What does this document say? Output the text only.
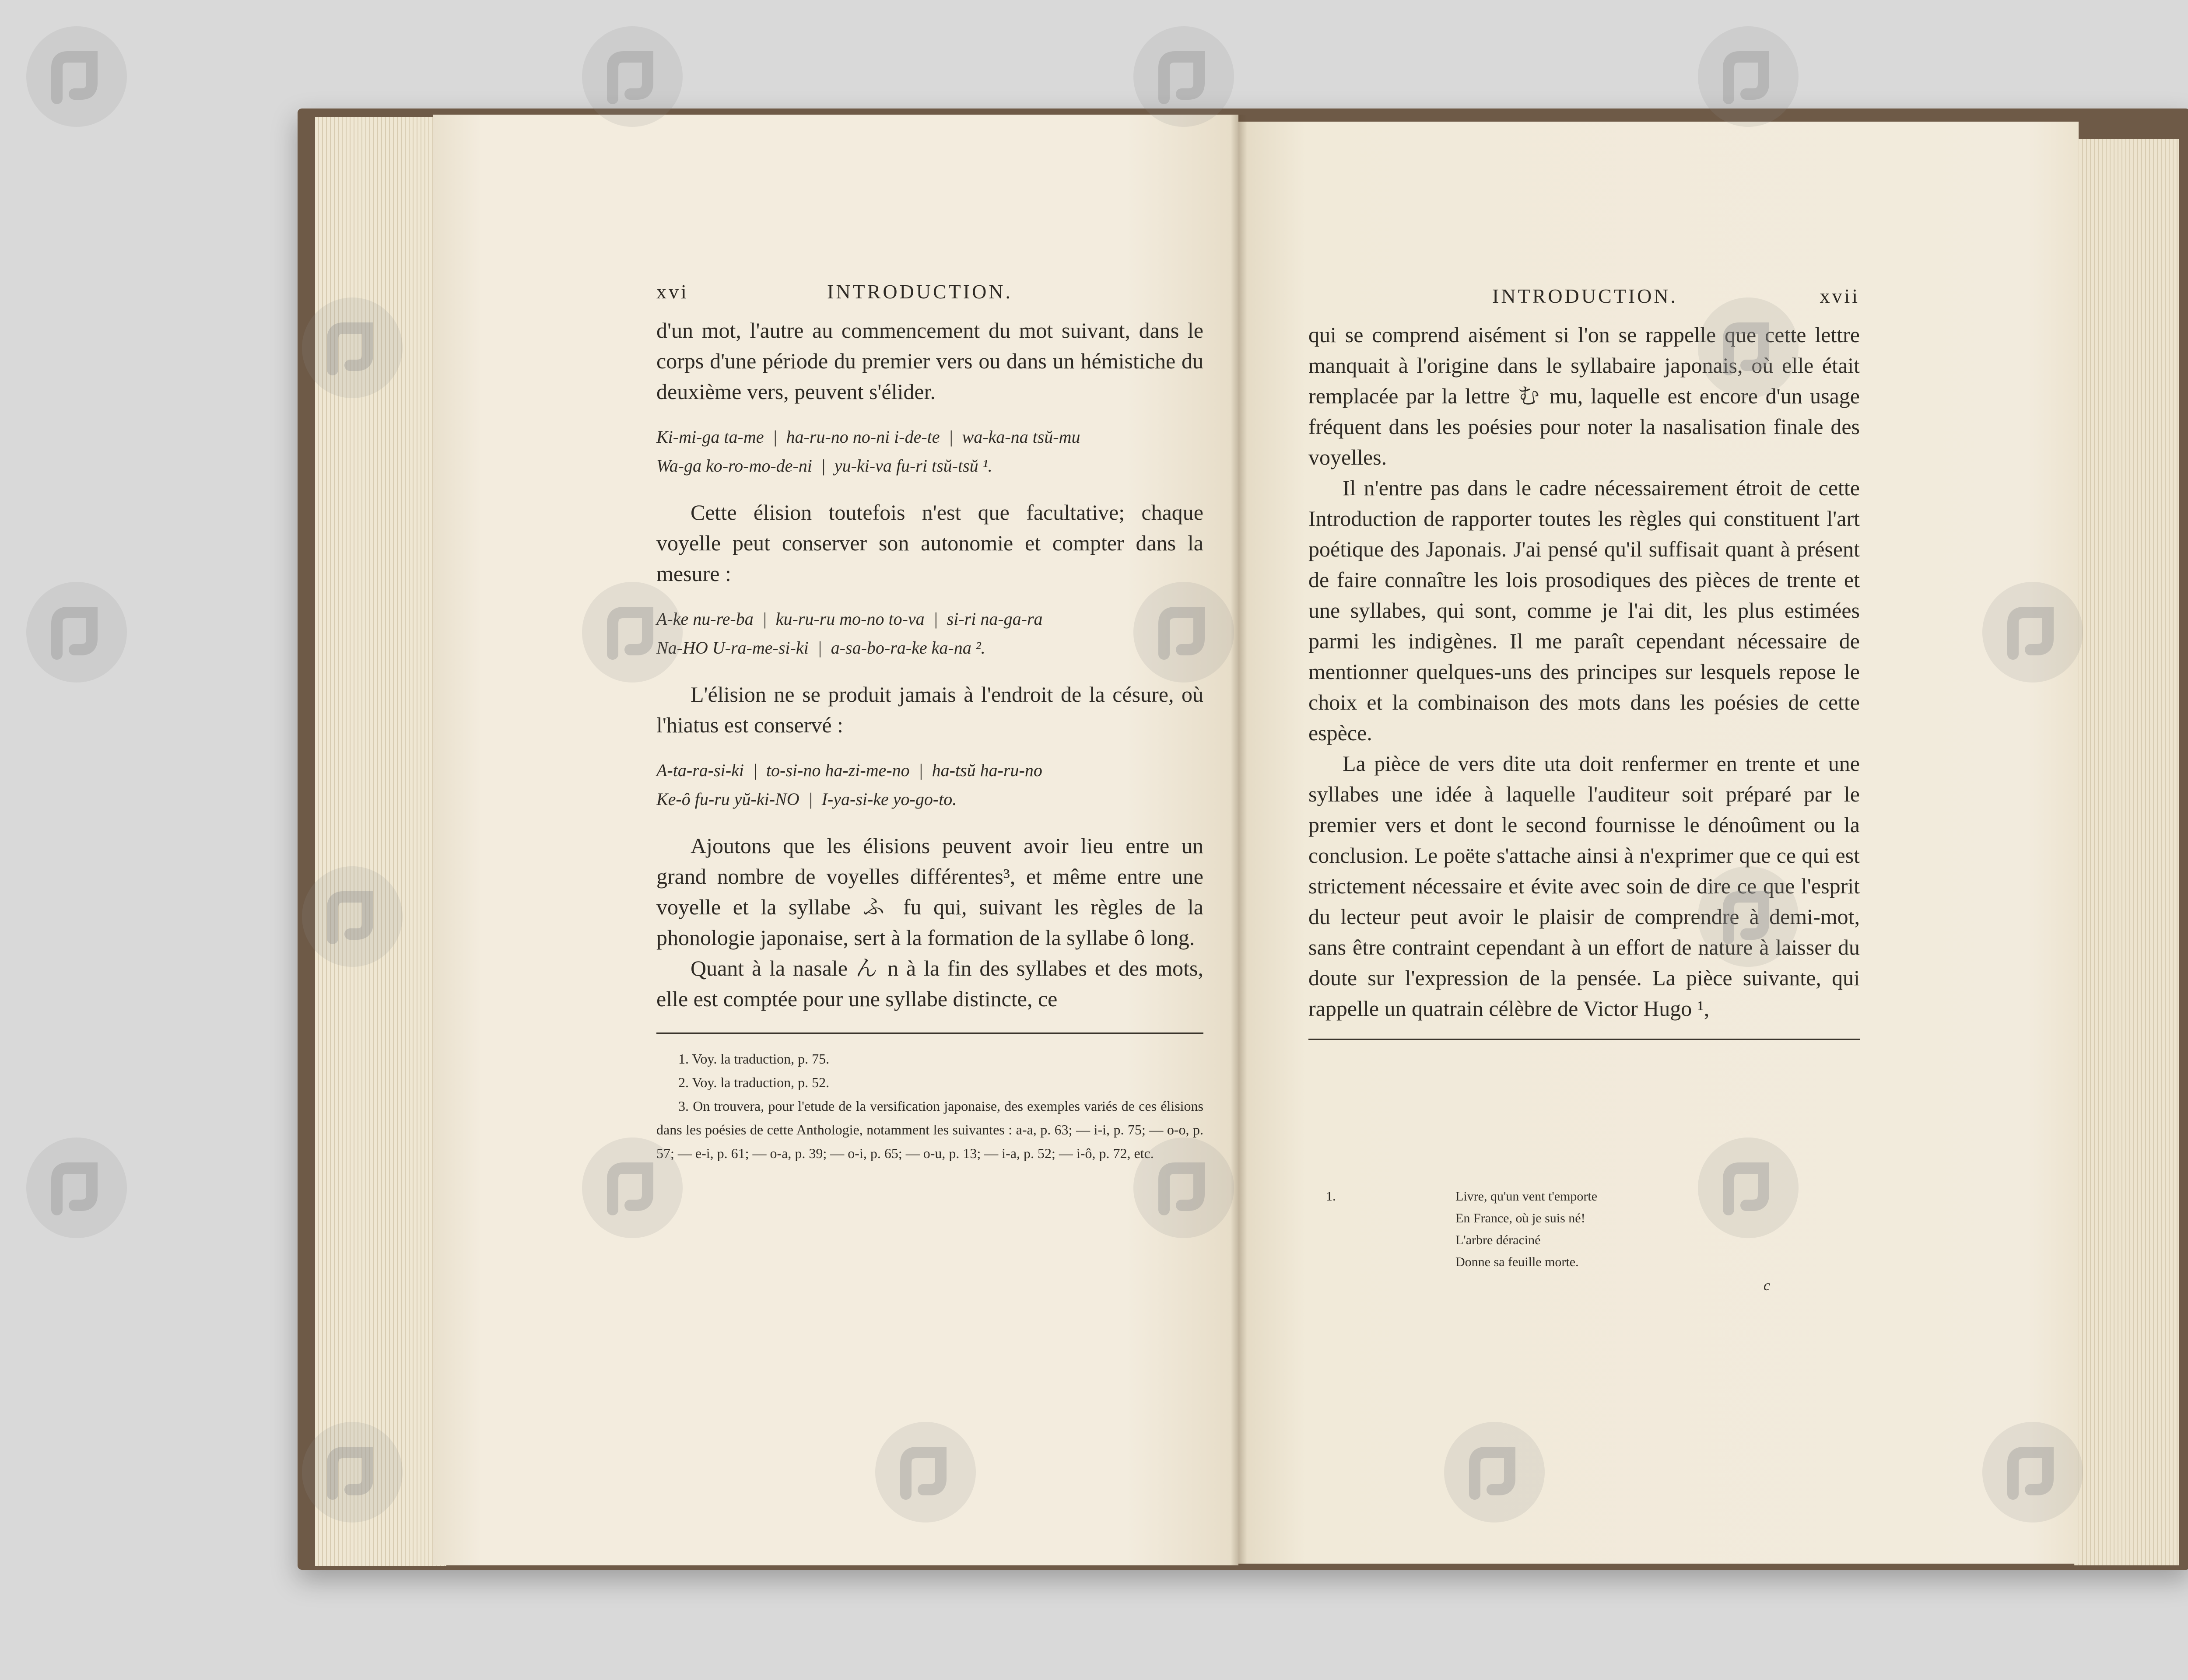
xvi	INTRODUCTION.

d'un mot, l'autre au commencement du mot suivant, dans le corps d'une période du premier vers ou dans un hémistiche du deuxième vers, peuvent s'élider.

Ki-mi-ga ta-me  |  ha-ru-no no-ni i-de-te  |  wa-ka-na tsŭ-mu
Wa-ga ko-ro-mo-de-ni  |  yu-ki-va fu-ri tsŭ-tsŭ ¹.

Cette élision toutefois n'est que facultative; chaque voyelle peut conserver son autonomie et compter dans la mesure :

A-ke nu-re-ba  |  ku-ru-ru mo-no to-va  |  si-ri na-ga-ra
Na-HO U-ra-me-si-ki  |  a-sa-bo-ra-ke ka-na ².

L'élision ne se produit jamais à l'endroit de la césure, où l'hiatus est conservé :

A-ta-ra-si-ki  |  to-si-no ha-zi-me-no  |  ha-tsŭ ha-ru-no
Ke-ô fu-ru yŭ-ki-NO  |  I-ya-si-ke yo-go-to.

Ajoutons que les élisions peuvent avoir lieu entre un grand nombre de voyelles différentes³, et même entre une voyelle et la syllabe ふ fu qui, suivant les règles de la phonologie japonaise, sert à la formation de la syllabe ô long.

Quant à la nasale ん n à la fin des syllabes et des mots, elle est comptée pour une syllabe distincte, ce

1. Voy. la traduction, p. 75.

2. Voy. la traduction, p. 52.

3. On trouvera, pour l'etude de la versification japonaise, des exemples variés de ces élisions dans les poésies de cette Anthologie, notamment les suivantes : a-a, p. 63; — i-i, p. 75; — o-o, p. 57; — e-i, p. 61; — o-a, p. 39; — o-i, p. 65; — o-u, p. 13; — i-a, p. 52; — i-ô, p. 72, etc.

INTRODUCTION.	xvii

qui se comprend aisément si l'on se rappelle que cette lettre manquait à l'origine dans le syllabaire japonais, où elle était remplacée par la lettre む mu, laquelle est encore d'un usage fréquent dans les poésies pour noter la nasalisation finale des voyelles.

Il n'entre pas dans le cadre nécessairement étroit de cette Introduction de rapporter toutes les règles qui constituent l'art poétique des Japonais. J'ai pensé qu'il suffisait quant à présent de faire connaître les lois prosodiques des pièces de trente et une syllabes, qui sont, comme je l'ai dit, les plus estimées parmi les indigènes. Il me paraît cependant nécessaire de mentionner quelques-uns des principes sur lesquels repose le choix et la combinaison des mots dans les poésies de cette espèce.

La pièce de vers dite uta doit renfermer en trente et une syllabes une idée à laquelle l'auditeur soit préparé par le premier vers et dont le second fournisse le dénoûment ou la conclusion. Le poëte s'attache ainsi à n'exprimer que ce qui est strictement nécessaire et évite avec soin de dire ce que l'esprit du lecteur peut avoir le plaisir de comprendre à demi-mot, sans être contraint cependant à un effort de nature à laisser du doute sur l'expression de la pensée. La pièce suivante, qui rappelle un quatrain célèbre de Victor Hugo ¹,

1.	Livre, qu'un vent t'emporte
En France, où je suis né!
L'arbre déraciné
Donne sa feuille morte.
c
